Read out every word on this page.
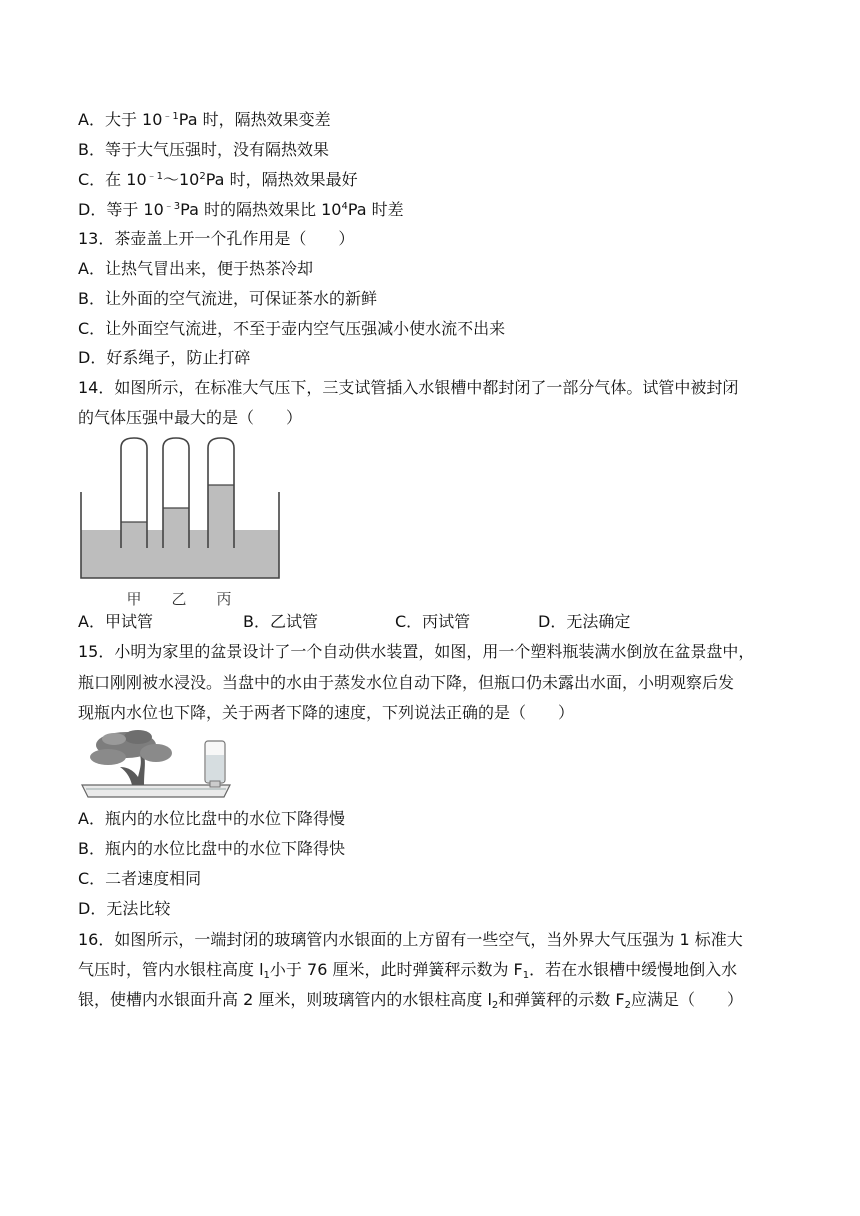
A．大于 $10^{﹣1}Pa$ 时，隔热效果变差
B．等于大气压强时，没有隔热效果
C．在 $10^{﹣1}\sim 10^2Pa$ 时，隔热效果最好
D．等于 $10^{﹣3}Pa$ 时的隔热效果比 $10^4Pa$ 时差
13．茶壶盖上开一个孔作用是（　　）
A．让热气冒出来，便于热茶冷却
B．让外面的空气流进，可保证茶水的新鲜
C．让外面空气流进，不至于壶内空气压强减小使水流不出来
D．好系绳子，防止打碎
14．如图所示，在标准大气压下，三支试管插入水银槽中都封闭了一部分气体。试管中被封闭
的气体压强中最大的是（　　）
甲 乙 丙
A．甲试管	B．乙试管	C．丙试管	D．无法确定
15．小明为家里的盆景设计了一个自动供水装置，如图，用一个塑料瓶装满水倒放在盆景盘中，
瓶口刚刚被水浸没。当盘中的水由于蒸发水位自动下降，但瓶口仍未露出水面，小明观察后发
现瓶内水位也下降，关于两者下降的速度，下列说法正确的是（　　）
A．瓶内的水位比盘中的水位下降得慢
B．瓶内的水位比盘中的水位下降得快
C．二者速度相同
D．无法比较
16．如图所示，一端封闭的玻璃管内水银面的上方留有一些空气，当外界大气压强为 1 标准大
气压时，管内水银柱高度 $l_1$小于 76 厘米，此时弹簧秤示数为 $F_1$．若在水银槽中缓慢地倒入水
银，使槽内水银面升高 2 厘米，则玻璃管内的水银柱高度 $l_2$和弹簧秤的示数 $F_2$应满足（　　）
